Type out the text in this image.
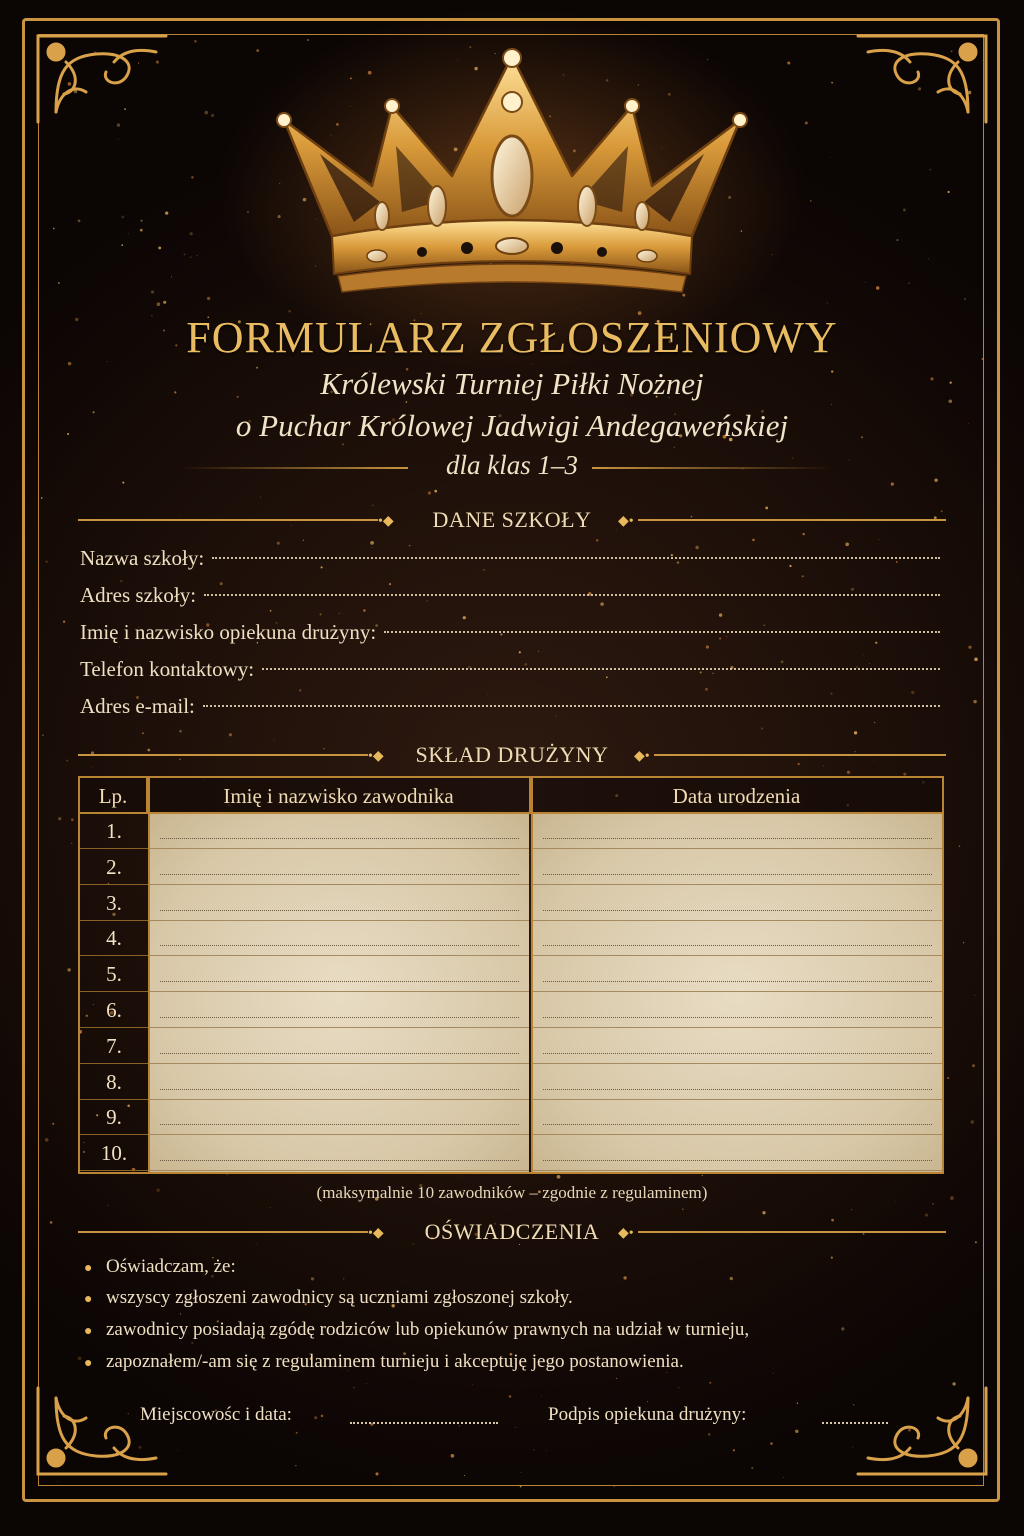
FORMULARZ ZGŁOSZENIOWY
Królewski Turniej Piłki Nożnej
o Puchar Królowej Jadwigi Andegaweńskiej
dla klas 1–3
•◆	DANE SZKOŁY	◆•
Nazwa szkoły:
Adres szkoły:
Imię i nazwisko opiekuna drużyny:
Telefon kontaktowy:
Adres e-mail:
•◆	SKŁAD DRUŻYNY	◆•
Lp.	Imię i nazwisko zawodnika	Data urodzenia
1.
2.
3.
4.
5.
6.
7.
8.
9.
10.
(maksymalnie 10 zawodników – zgodnie z regulaminem)
•◆	OŚWIADCZENIA	◆•
● Oświadczam, że:
● wszyscy zgłoszeni zawodnicy są uczniami zgłoszonej szkoły.
● zawodnicy posiadają zgódę rodziców lub opiekunów prawnych na udział w turnieju,
● zapoznałem/-am się z regulaminem turnieju i akceptuję jego postanowienia.
Miejscowośc i data:	Podpis opiekuna drużyny:
